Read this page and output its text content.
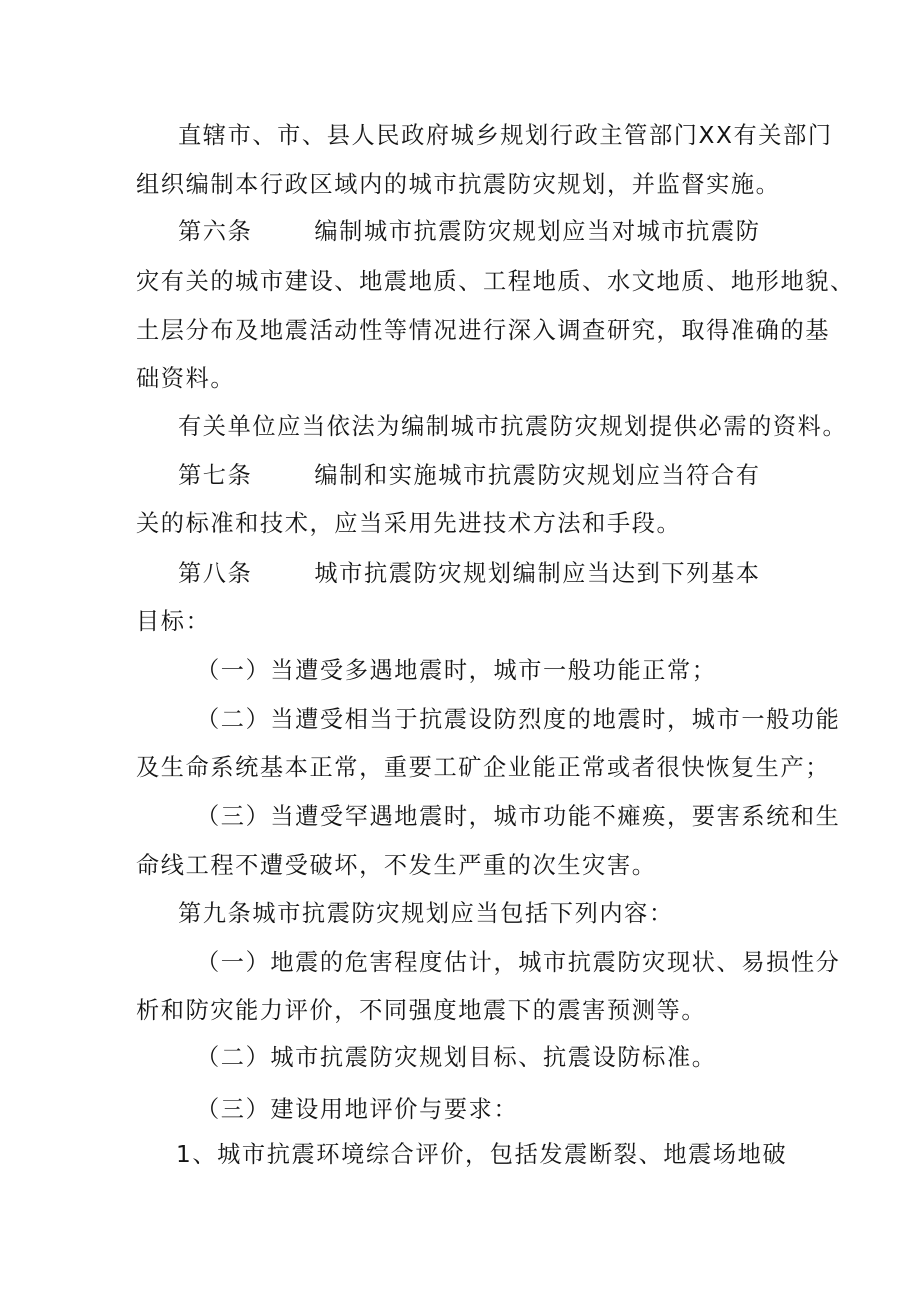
直辖市、市、县人民政府城乡规划行政主管部门XX有关部门
组织编制本行政区域内的城市抗震防灾规划，并监督实施。
第六条	编制城市抗震防灾规划应当对城市抗震防
灾有关的城市建设、地震地质、工程地质、水文地质、地形地貌、
土层分布及地震活动性等情况进行深入调查研究，取得准确的基
础资料。
有关单位应当依法为编制城市抗震防灾规划提供必需的资料。
第七条	编制和实施城市抗震防灾规划应当符合有
关的标准和技术，应当采用先进技术方法和手段。
第八条	城市抗震防灾规划编制应当达到下列基本
目标：
（一）当遭受多遇地震时，城市一般功能正常；
（二）当遭受相当于抗震设防烈度的地震时，城市一般功能
及生命系统基本正常，重要工矿企业能正常或者很快恢复生产；
（三）当遭受罕遇地震时，城市功能不瘫痪，要害系统和生
命线工程不遭受破坏，不发生严重的次生灾害。
第九条城市抗震防灾规划应当包括下列内容：
（一）地震的危害程度估计，城市抗震防灾现状、易损性分
析和防灾能力评价，不同强度地震下的震害预测等。
（二）城市抗震防灾规划目标、抗震设防标准。
（三）建设用地评价与要求：
1、城市抗震环境综合评价，包括发震断裂、地震场地破
